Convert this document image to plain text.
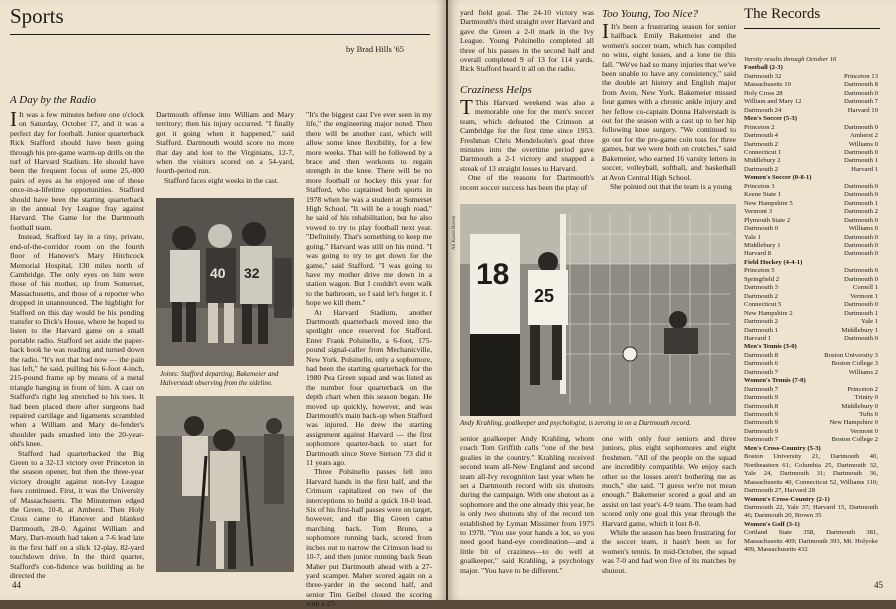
Sports
by Brad Hills '65
A Day by the Radio

I It was a few minutes before one o'clock on Saturday, October 17, and it was a perfect day for football. Junior quarterback Rick Stafford should have been going through his pre-game warm-up drills on the turf of Harvard Stadium. He should have been the frequent focus of some 25,-000 pairs of eyes as he enjoyed one of those once-in-a-lifetime opportunities. Stafford should have been the starting quarterback in the annual Ivy League fray against Harvard. The Game for the Dartmouth football team.

Instead, Stafford lay in a tiny, private, end-of-the-corridor room on the fourth floor of Hanover's Mary Hitchcock Memorial Hospital, 130 miles north of Cambridge. The only eyes on him were those of his mother, up from Somerset, Massachusetts, and those of a reporter who dropped in unannounced. The highlight for Stafford on this day would be his pending transfer to Dick's House, where he hoped to listen to the Harvard game on a small portable radio. Stafford set aside the paper-back book he was reading and turned down the radio. "It's not that bad now — the pain has left," he said, pulling his 6-foot 4-inch, 215-pound frame up by means of a metal triangle hanging in front of him. A cast on Stafford's right leg stretched to his toes. It had been placed there after surgeons had repaired cartilage and ligaments scrambled when a William and Mary de-fender's shoulder pads smashed into the 20-year-old's knee.

Stafford had quarterbacked the Big Green to a 32-13 victory over Princeton in the season opener, but then the three-year victory drought against non-Ivy League foes continued. First, it was the University of Massachusetts. The Minutemen edged the Green, 10-8, at Amherst. Then Holy Cross came to Hanover and blanked Dartmouth, 28-0. Against William and Mary, Dart-mouth had taken a 7-6 lead late in the first half on a slick 12-play, 82-yard touchdown drive. In the third quarter, Stafford's con-fidence was building as he directed the

Dartmouth offense into William and Mary territory; then his injury occurred. "I finally got it going when it happened," said Stafford. Dartmouth would score no more that day and lost to the Virginians, 12-7, when the visitors scored on a 54-yard, fourth-period run.

Stafford faces eight weeks in the cast.

40 32

"It's the biggest cast I've ever seen in my life," the engineering major noted. Then there will be another cast, which will allow some knee flexibility, for a few more weeks. That will be followed by a brace and then workouts to regain strength in the knee. There will be no more football or hockey this year for Stafford, who captained both sports in 1978 when he was a student at Somerset High School. "It will be a tough road," he said of his rehabilitation, but he also vowed to try to play football next year. "Definitely. That's something to keep me going." Harvard was still on his mind. "I was going to try to get down for the game," said Stafford. "I was going to have my mother drive me down in a station wagon. But I couldn't even walk to the bathroom, so I said let's forget it. I hope we kill them."

At Harvard Stadium, another Dartmouth quarterback moved into the spotlight once reserved for Stafford. Enter Frank Polsinello, a 6-foot, 175-pound signal-caller from Mechanicville, New York. Polsinello, only a sophomore, had been the starting quarterback for the 1980 Pea Green squad and was listed as the number four quarterback on the depth chart when this season began. He moved up quickly, however, and was Dartmouth's main back-up when Stafford was injured. He drew the starting assignment against Harvard — the first sophomore quarter-back to start for Dartmouth since Steve Stetson '73 did it 11 years ago.

Three Polsinello passes fell into Harvard hands in the first half, and the Crimson capitalized on two of the interceptions to build a quick 10-0 lead. Six of his first-half passes were on target, however, and the Big Green came marching back. Tom Bruno, a sophomore running back, scored from inches out to narrow the Crimson lead to 10-7, and then junior running back Sean Maher put Dartmouth ahead with a 27-yard scamper. Maher scored again on a three-yarder in the second half, and senior Tim Geibel closed the scoring with a 27-

Joints: Stafford departing; Bakemeier and Halverstadt observing from the sideline.
44

yard field goal. The 24-10 victory was Dartmouth's third straight over Harvard and gave the Green a 2-0 mark in the Ivy League. Young Polsinello completed all three of his passes in the second half and overall completed 9 of 13 for 114 yards. Rick Stafford heard it all on the radio.

Craziness Helps

T This Harvard weekend was also a memorable one for the men's soccer team, which defeated the Crimson at Cambridge for the first time since 1953. Freshman Chris Mendelsohn's goal three minutes into the overtime period gave Dartmouth a 2-1 victory and snapped a streak of 13 straight losses to Harvard.

One of the reasons for Dartmouth's recent soccer success has been the play of

Too Young, Too Nice?

I It's been a frustrating season for senior halfback Emily Bakemeier and the women's soccer team, which has compiled no wins, eight losses, and a lone tie this fall. "We've had so many injuries that we've been unable to have any consistency," said the double art history and English major from Avon, New York. Bakemeier missed four games with a chronic ankle injury and her fellow co-captain Donna Halverstadt is out for the season with a cast up to her hip following knee surgery. "We continued to go out for the pre-game coin toss for three games, but we were both on crutches," said Bakemeier, who earned 16 varsity letters in soccer, volleyball, softball, and basketball at Avon Central High School.

She pointed out that the team is a young

18
25
Ali Karen Boven
Andy Krahling, goalkeeper and psychologist, is zeroing in on a Dartmouth record.

senior goalkeeper Andy Krahling, whom coach Tom Griffith calls "one of the best goalies in the country." Krahling received second team all-New England and second team all-Ivy recognition last year when he set a Dartmouth record with six shutouts during the campaign. With one shutout as a sophomore and the one already this year, he is only two shutouts shy of the record ten established by Lyman Missimer from 1975 to 1978. "You use your hands a lot, so you need good hand-eye coordination—and a little bit of craziness—to do well at goalkeeper," said Krahling, a psychology major. "You have to be different."

one with only four seniors and three juniors, plus eight sophomores and eight freshmen. "All of the people on the squad are incredibly compatible. We enjoy each other so the losses aren't bothering me as much," she said. "I guess we're not mean enough." Bakemeier scored a goal and an assist on last year's 4-9 team. The team had scored only one goal this year through the Harvard game, which it lost 8-0.

While the season has been frustrating for the soccer team, it hasn't been so for women's tennis. In mid-October, the squad was 7-0 and had won five of its matches by shutout.

The Records
Varsity results through October 16
Football (2-3)
Dartmouth 32	Princeton 13
Massachusetts 10	Dartmouth 8
Holy Cross 28	Dartmouth 0
William and Mary 12	Dartmouth 7
Dartmouth 24	Harvard 10
Men's Soccer (5-3)
Princeton 2	Dartmouth 0
Dartmouth 4	Amherst 2
Dartmouth 2	Williams 0
Connecticut 1	Dartmouth 0
Middlebury 2	Dartmouth 1
Dartmouth 2	Harvard 1
Women's Soccer (0-8-1)
Princeton 3	Dartmouth 0
Keene State 1	Dartmouth 0
New Hampshire 5	Dartmouth 1
Vermont 3	Dartmouth 2
Plymouth State 2	Dartmouth 0
Dartmouth 0	Williams 0
Yale 1	Dartmouth 0
Middlebury 1	Dartmouth 0
Harvard 8	Dartmouth 0
Field Hockey (4-4-1)
Princeton 5	Dartmouth 0
Springfield 2	Dartmouth 0
Dartmouth 3	Cornell 1
Dartmouth 2	Vermont 1
Connecticut 5	Dartmouth 0
New Hampshire 2	Dartmouth 1
Dartmouth 2	Yale 1
Dartmouth 1	Middlebury 1
Harvard 1	Dartmouth 0
Men's Tennis (3-0)
Dartmouth 8	Boston University 3
Dartmouth 6	Boston College 3
Dartmouth 7	Williams 2
Women's Tennis (7-0)
Dartmouth 7	Princeton 2
Dartmouth 9	Trinity 0
Dartmouth 8	Middlebury 0
Dartmouth 9	Tufts 0
Dartmouth 9	New Hampshire 0
Dartmouth 9	Vermont 0
Dartmouth 7	Boston College 2
Men's Cross-Country (5-3)
Boston University 21, Dartmouth 40, Northeastern 61; Columbia 25, Dartmouth 32, Yale 24, Dartmouth 31; Dartmouth 36, Massachusetts 40, Connecticut 52, Williams 110; Dartmouth 27, Harvard 28
Women's Cross-Country (2-1)
Dartmouth 22, Yale 37; Harvard 15, Dartmouth 46; Dartmouth 20, Brown 35
Women's Golf (3-1)
Cortland State 358, Dartmouth 381, Massachusetts 409; Dartmouth 393, Mt. Holyoke 409, Massachusetts 432
45
